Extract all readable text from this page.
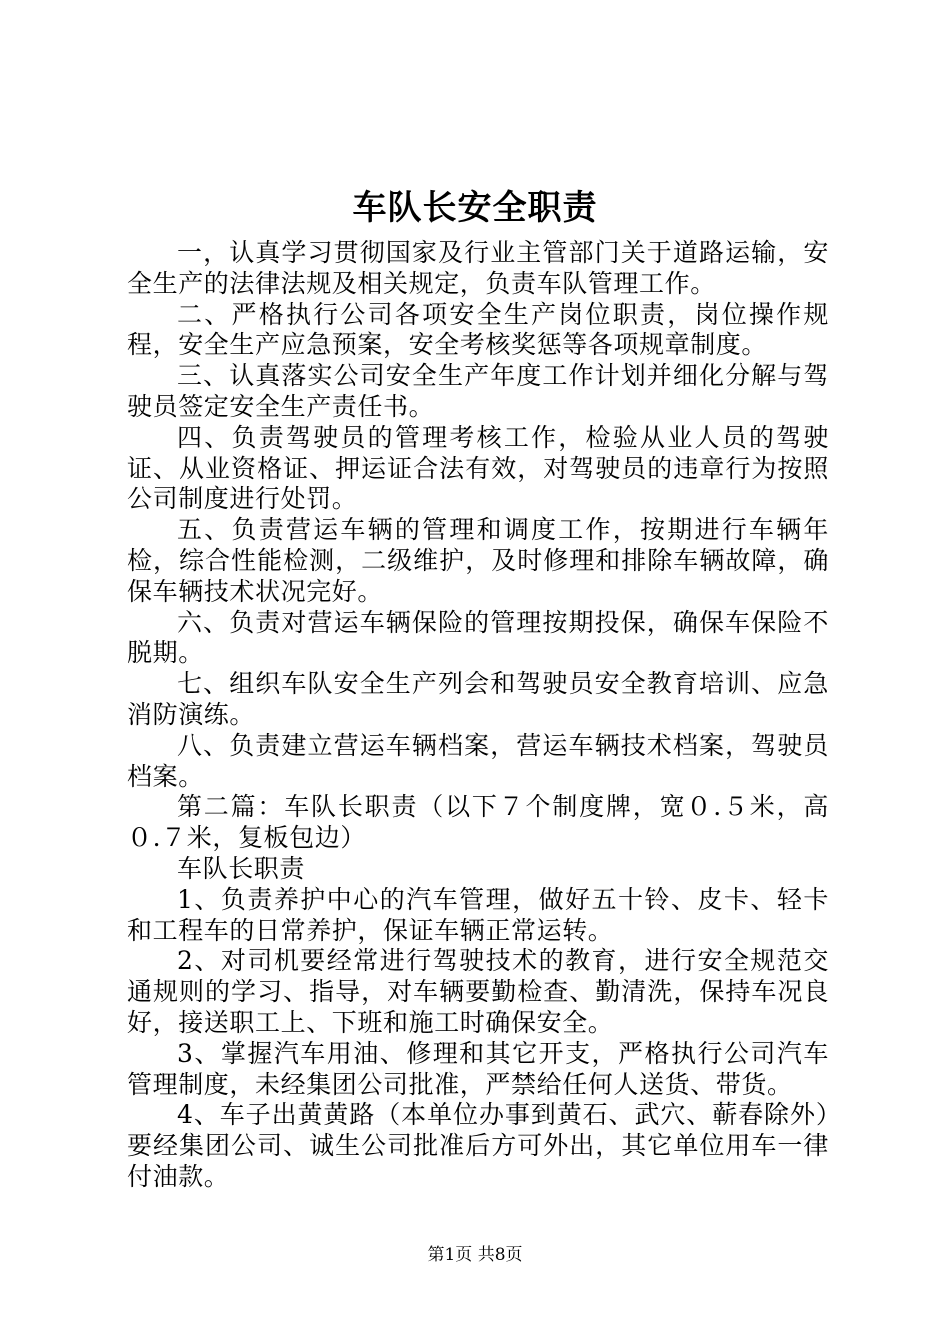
车队长安全职责

一，认真学习贯彻国家及行业主管部门关于道路运输，安全生产的法律法规及相关规定，负责车队管理工作。

二、严格执行公司各项安全生产岗位职责，岗位操作规程，安全生产应急预案，安全考核奖惩等各项规章制度。

三、认真落实公司安全生产年度工作计划并细化分解与驾驶员签定安全生产责任书。

四、负责驾驶员的管理考核工作，检验从业人员的驾驶证、从业资格证、押运证合法有效，对驾驶员的违章行为按照公司制度进行处罚。

五、负责营运车辆的管理和调度工作，按期进行车辆年检，综合性能检测，二级维护，及时修理和排除车辆故障，确保车辆技术状况完好。

六、负责对营运车辆保险的管理按期投保，确保车保险不脱期。

七、组织车队安全生产列会和驾驶员安全教育培训、应急消防演练。

八、负责建立营运车辆档案，营运车辆技术档案，驾驶员档案。

第二篇：车队长职责（以下７个制度牌，宽０.５米，高０.７米，复板包边）

车队长职责

1、负责养护中心的汽车管理，做好五十铃、皮卡、轻卡和工程车的日常养护，保证车辆正常运转。

2、对司机要经常进行驾驶技术的教育，进行安全规范交通规则的学习、指导，对车辆要勤检查、勤清洗，保持车况良好，接送职工上、下班和施工时确保安全。

3、掌握汽车用油、修理和其它开支，严格执行公司汽车管理制度，未经集团公司批准，严禁给任何人送货、带货。

4、车子出黄黄路（本单位办事到黄石、武穴、蕲春除外）要经集团公司、诚生公司批准后方可外出，其它单位用车一律付油款。

第1页 共8页
